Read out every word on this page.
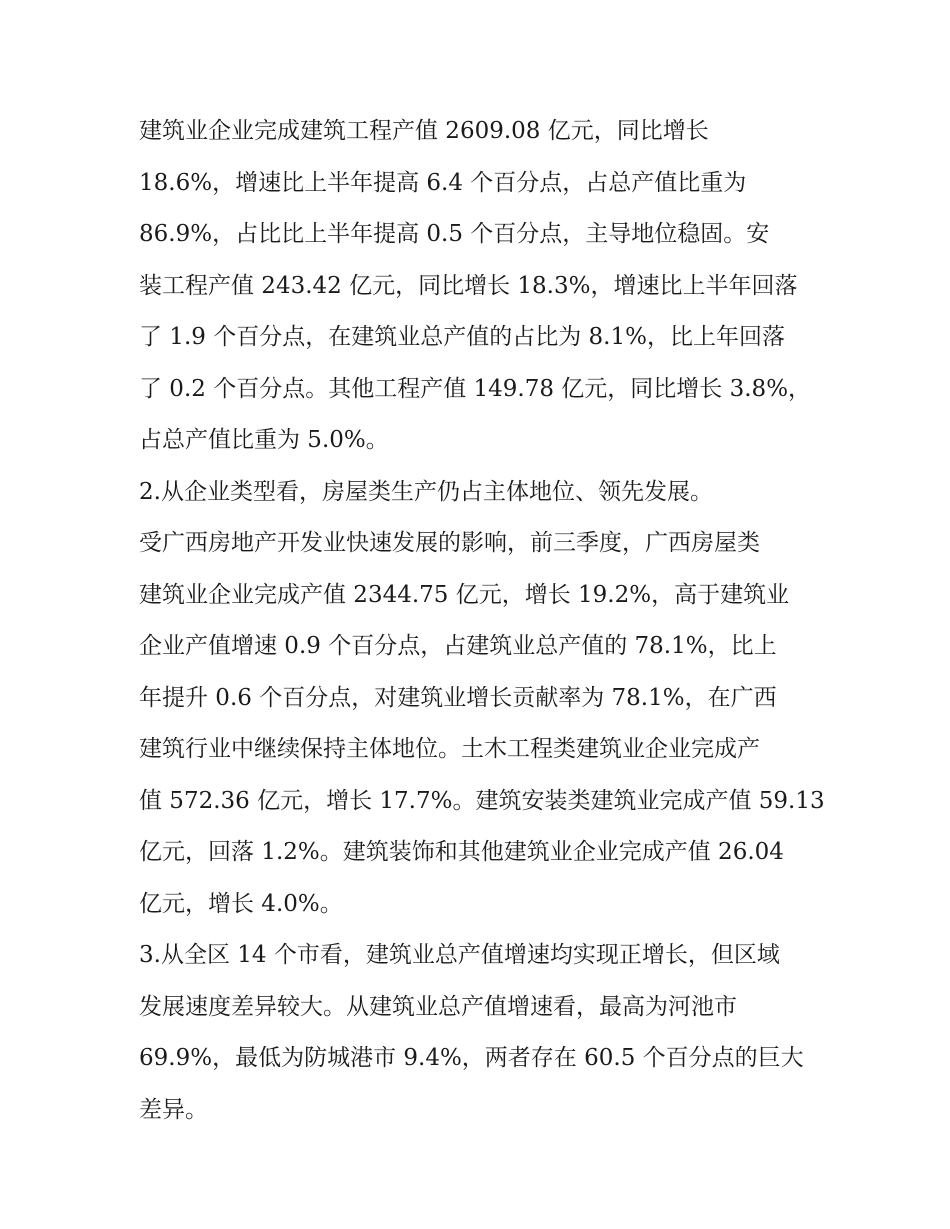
建筑业企业完成建筑工程产值 2609.08 亿元，同比增长
18.6%，增速比上半年提高 6.4 个百分点，占总产值比重为
86.9%，占比比上半年提高 0.5 个百分点，主导地位稳固。安
装工程产值 243.42 亿元，同比增长 18.3%，增速比上半年回落
了 1.9 个百分点，在建筑业总产值的占比为 8.1%，比上年回落
了 0.2 个百分点。其他工程产值 149.78 亿元，同比增长 3.8%，
占总产值比重为 5.0%。
2.从企业类型看，房屋类生产仍占主体地位、领先发展。
受广西房地产开发业快速发展的影响，前三季度，广西房屋类
建筑业企业完成产值 2344.75 亿元，增长 19.2%，高于建筑业
企业产值增速 0.9 个百分点，占建筑业总产值的 78.1%，比上
年提升 0.6 个百分点，对建筑业增长贡献率为 78.1%，在广西
建筑行业中继续保持主体地位。土木工程类建筑业企业完成产
值 572.36 亿元，增长 17.7%。建筑安装类建筑业完成产值 59.13
亿元，回落 1.2%。建筑装饰和其他建筑业企业完成产值 26.04
亿元，增长 4.0%。
3.从全区 14 个市看，建筑业总产值增速均实现正增长，但区域
发展速度差异较大。从建筑业总产值增速看，最高为河池市
69.9%，最低为防城港市 9.4%，两者存在 60.5 个百分点的巨大
差异。
